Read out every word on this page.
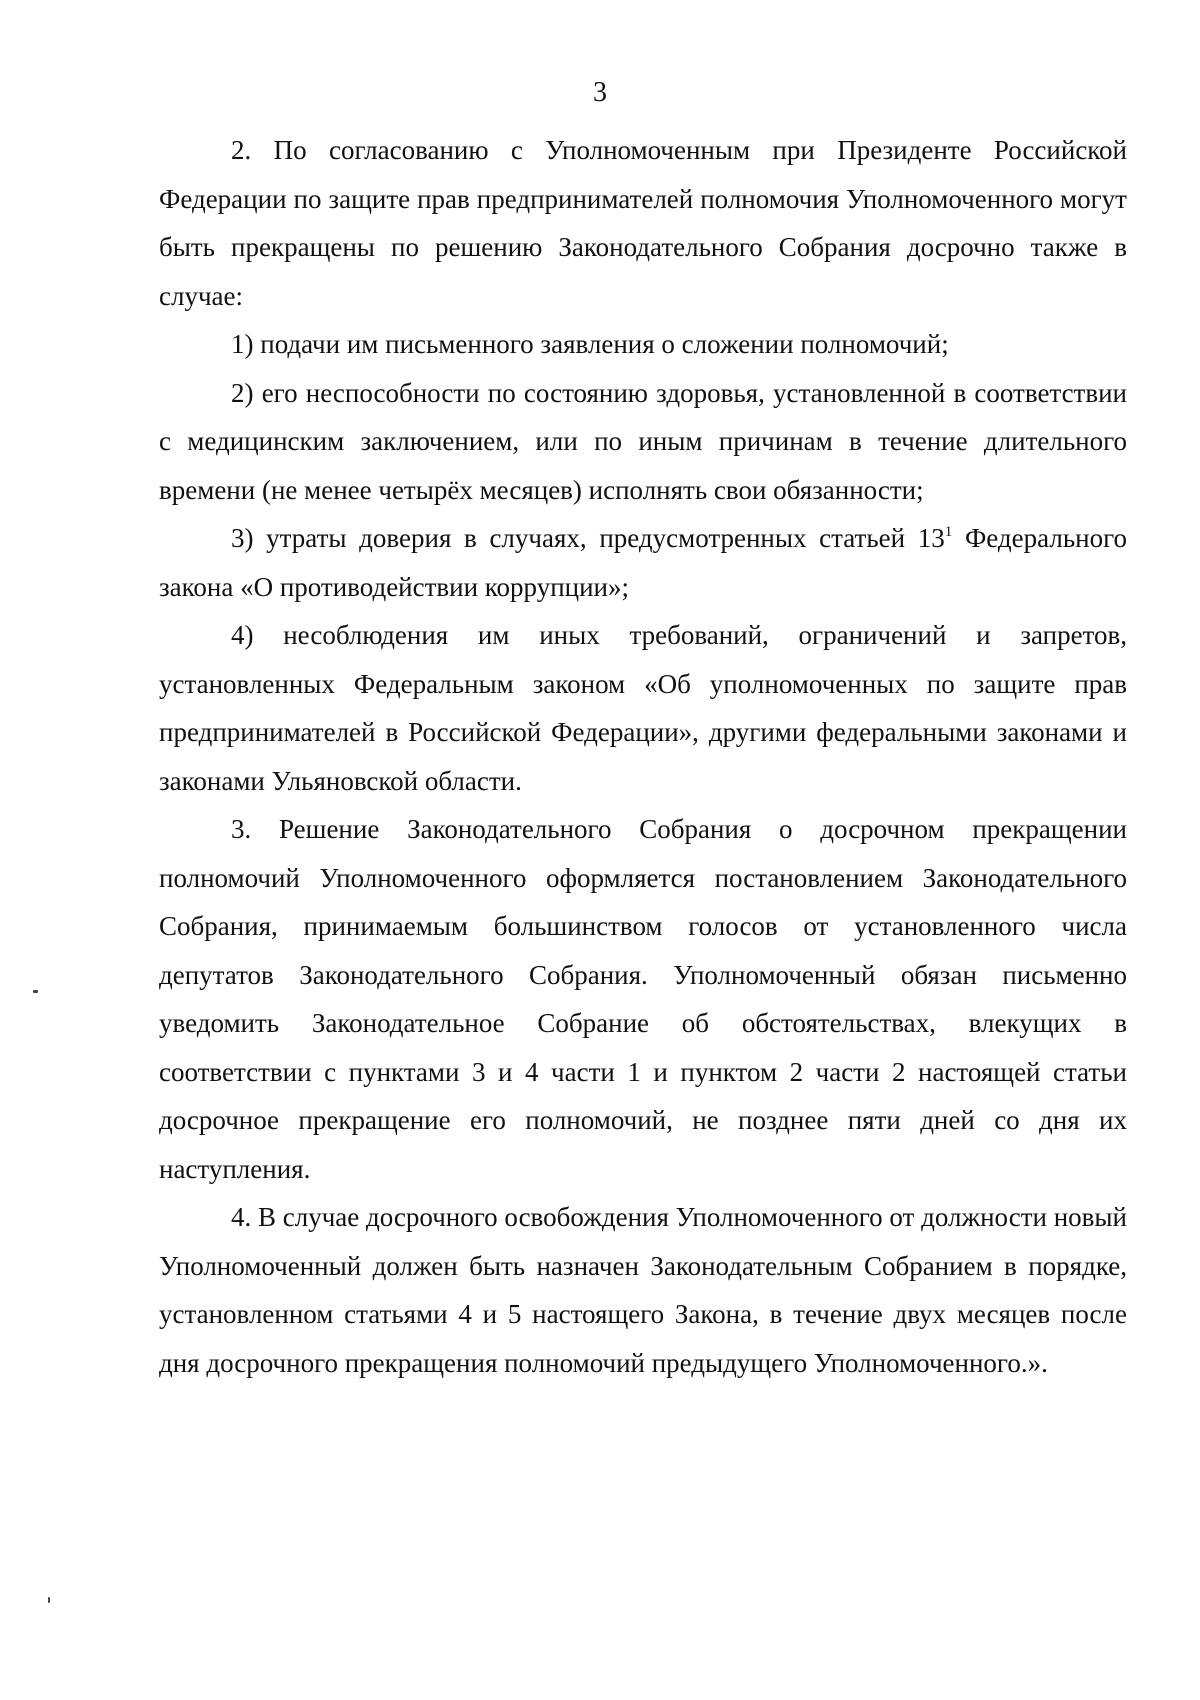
3

2. По согласованию с Уполномоченным при Президенте Российской Федерации по защите прав предпринимателей полномочия Уполномоченного могут быть прекращены по решению Законодательного Собрания досрочно также в случае:

1) подачи им письменного заявления о сложении полномочий;

2) его неспособности по состоянию здоровья, установленной в соответствии с медицинским заключением, или по иным причинам в течение длительного времени (не менее четырёх месяцев) исполнять свои обязанности;

3) утраты доверия в случаях, предусмотренных статьей $13^1$ Федерального закона «О противодействии коррупции»;

4) несоблюдения им иных требований, ограничений и запретов, установленных Федеральным законом «Об уполномоченных по защите прав предпринимателей в Российской Федерации», другими федеральными законами и законами Ульяновской области.

3. Решение Законодательного Собрания о досрочном прекращении полномочий Уполномоченного оформляется постановлением Законодательного Собрания, принимаемым большинством голосов от установленного числа депутатов Законодательного Собрания. Уполномоченный обязан письменно уведомить Законодательное Собрание об обстоятельствах, влекущих в соответствии с пунктами 3 и 4 части 1 и пунктом 2 части 2 настоящей статьи досрочное прекращение его полномочий, не позднее пяти дней со дня их наступления.

4. В случае досрочного освобождения Уполномоченного от должности новый Уполномоченный должен быть назначен Законодательным Собранием в порядке, установленном статьями 4 и 5 настоящего Закона, в течение двух месяцев после дня досрочного прекращения полномочий предыдущего Уполномоченного.».
